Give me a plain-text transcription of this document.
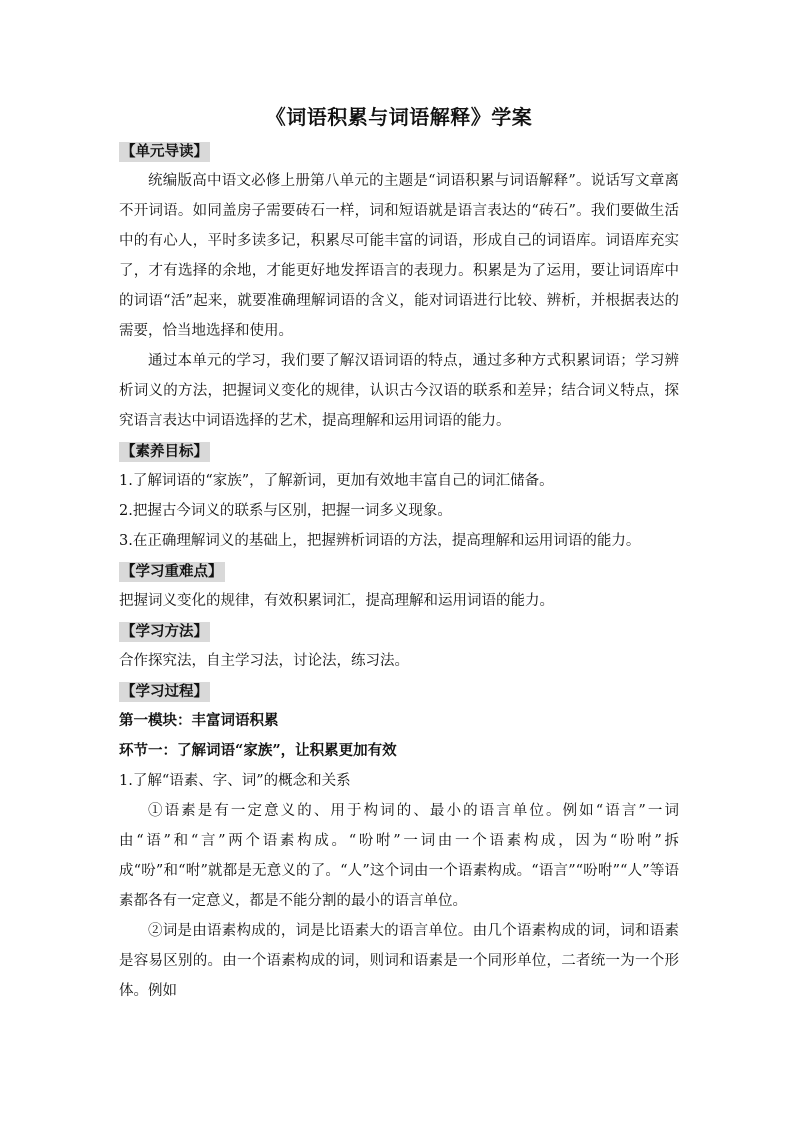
《词语积累与词语解释》学案
【单元导读】

统编版高中语文必修上册第八单元的主题是“词语积累与词语解释”。说话写文章离不开词语。如同盖房子需要砖石一样，词和短语就是语言表达的“砖石”。我们要做生活中的有心人，平时多读多记，积累尽可能丰富的词语，形成自己的词语库。词语库充实了，才有选择的余地，才能更好地发挥语言的表现力。积累是为了运用，要让词语库中的词语“活”起来，就要准确理解词语的含义，能对词语进行比较、辨析，并根据表达的需要，恰当地选择和使用。

通过本单元的学习，我们要了解汉语词语的特点，通过多种方式积累词语；学习辨析词义的方法，把握词义变化的规律，认识古今汉语的联系和差异；结合词义特点，探究语言表达中词语选择的艺术，提高理解和运用词语的能力。

【素养目标】

1.了解词语的“家族”，了解新词，更加有效地丰富自己的词汇储备。

2.把握古今词义的联系与区别，把握一词多义现象。

3.在正确理解词义的基础上，把握辨析词语的方法，提高理解和运用词语的能力。

【学习重难点】

把握词义变化的规律，有效积累词汇，提高理解和运用词语的能力。

【学习方法】

合作探究法，自主学习法，讨论法，练习法。

【学习过程】

第一模块：丰富词语积累

环节一：了解词语“家族”，让积累更加有效

1.了解“语素、字、词”的概念和关系

①语素是有一定意义的、用于构词的、最小的语言单位。例如“语言”一词由“语”和“言”两个语素构成。“吩咐”一词由一个语素构成，因为“吩咐”拆成“吩”和“咐”就都是无意义的了。“人”这个词由一个语素构成。“语言”“吩咐”“人”等语素都各有一定意义，都是不能分割的最小的语言单位。

②词是由语素构成的，词是比语素大的语言单位。由几个语素构成的词，词和语素是容易区别的。由一个语素构成的词，则词和语素是一个同形单位，二者统一为一个形体。例如
